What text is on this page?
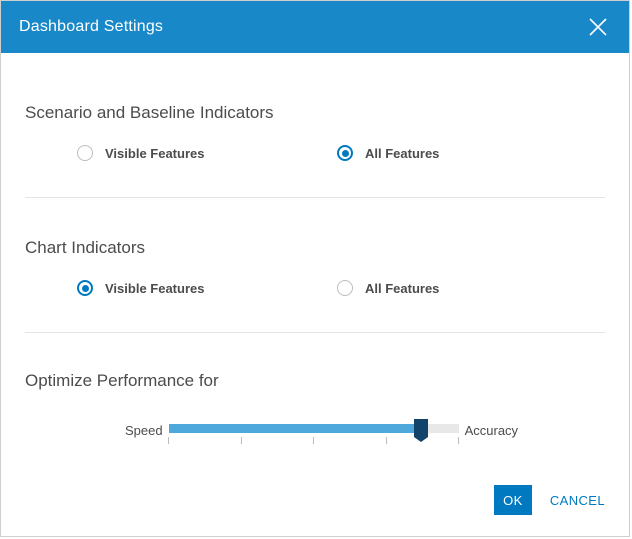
Dashboard Settings
Scenario and Baseline Indicators
Visible Features	All Features
Chart Indicators
Visible Features	All Features
Optimize Performance for
Speed	Accuracy
OK	CANCEL
